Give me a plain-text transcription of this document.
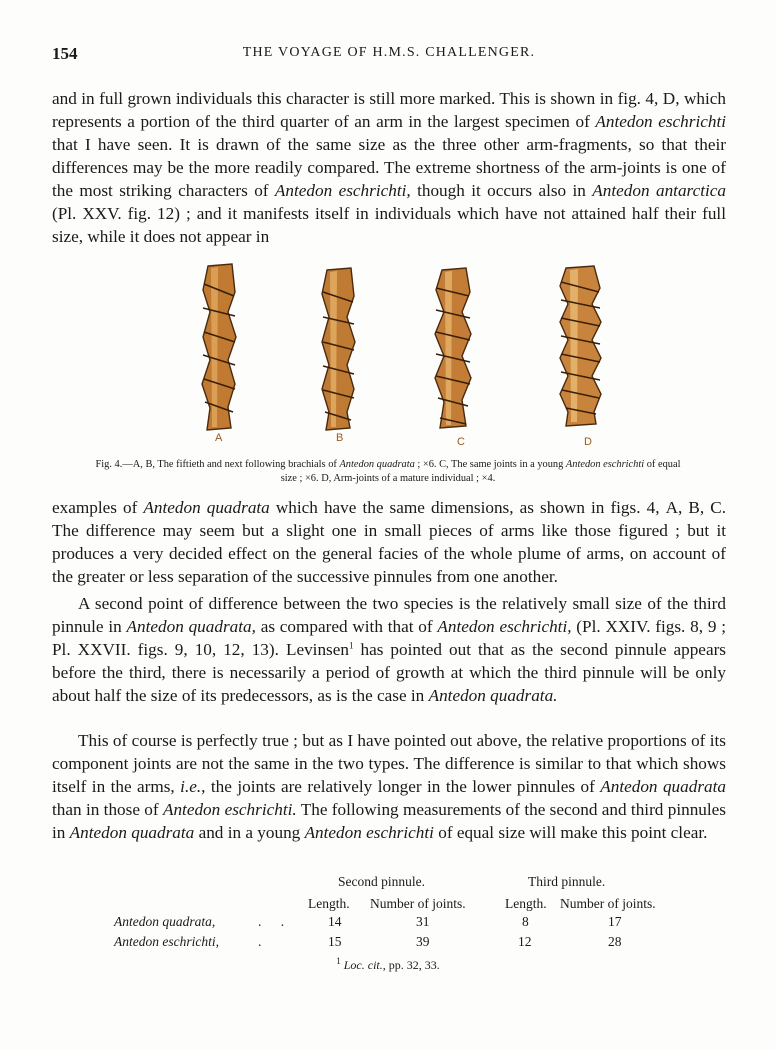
154	THE VOYAGE OF H.M.S. CHALLENGER.

and in full grown individuals this character is still more marked. This is shown in fig. 4, D, which represents a portion of the third quarter of an arm in the largest specimen of Antedon eschrichti that I have seen. It is drawn of the same size as the three other arm-fragments, so that their differences may be the more readily compared. The extreme shortness of the arm-joints is one of the most striking characters of Antedon eschrichti, though it occurs also in Antedon antarctica (Pl. XXV. fig. 12) ; and it manifests itself in individuals which have not attained half their full size, while it does not appear in

A	B	C	D
Fig. 4.—A, B, The fiftieth and next following brachials of Antedon quadrata ; ×6. C, The same joints in a young Antedon eschrichti of equal size ; ×6. D, Arm-joints of a mature individual ; ×4.

examples of Antedon quadrata which have the same dimensions, as shown in figs. 4, A, B, C. The difference may seem but a slight one in small pieces of arms like those figured ; but it produces a very decided effect on the general facies of the whole plume of arms, on account of the greater or less separation of the successive pinnules from one another.

A second point of difference between the two species is the relatively small size of the third pinnule in Antedon quadrata, as compared with that of Antedon eschrichti, (Pl. XXIV. figs. 8, 9 ; Pl. XXVII. figs. 9, 10, 12, 13). Levinsen$^1$ has pointed out that as the second pinnule appears before the third, there is necessarily a period of growth at which the third pinnule will be only about half the size of its predecessors, as is the case in Antedon quadrata.

This of course is perfectly true ; but as I have pointed out above, the relative proportions of its component joints are not the same in the two types. The difference is similar to that which shows itself in the arms, i.e., the joints are relatively longer in the lower pinnules of Antedon quadrata than in those of Antedon eschrichti. The following measurements of the second and third pinnules in Antedon quadrata and in a young Antedon eschrichti of equal size will make this point clear.

Second pinnule.	Third pinnule.
Length. Number of joints.	Length. Number of joints.
Antedon quadrata,	. .	14	31	8	17
Antedon eschrichti,	.	15	39	12	28
$^1$ Loc. cit., pp. 32, 33.
